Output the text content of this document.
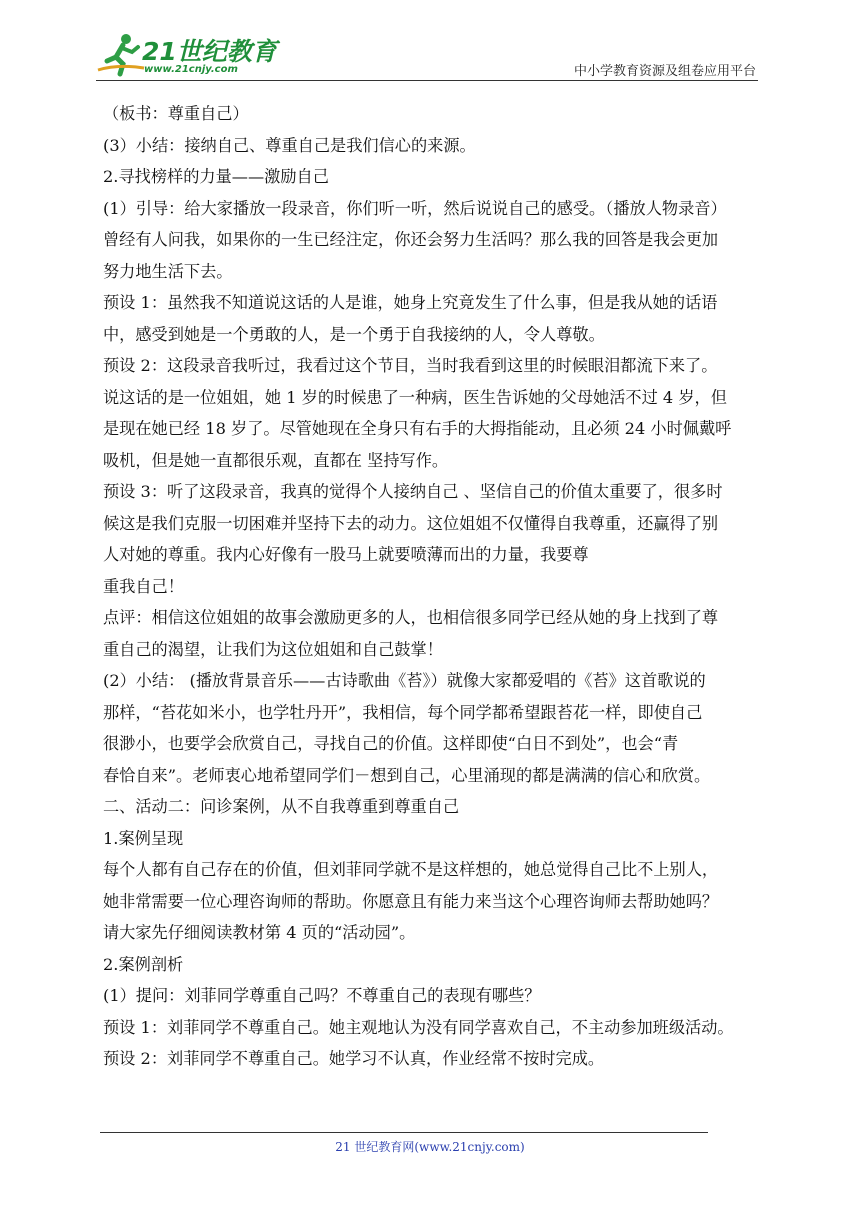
21世纪教育
www.21cnjy.com	中小学教育资源及组卷应用平台

（板书：尊重自己）

(3）小结：接纳自己、尊重自己是我们信心的来源。

2.寻找榜样的力量——激励自己

(1）引导：给大家播放一段录音，你们听一听，然后说说自己的感受。（播放人物录音）

曾经有人问我，如果你的一生已经注定，你还会努力生活吗？那么我的回答是我会更加

努力地生活下去。

预设 1：虽然我不知道说这话的人是谁，她身上究竟发生了什么事，但是我从她的话语

中，感受到她是一个勇敢的人，是一个勇于自我接纳的人，令人尊敬。

预设 2：这段录音我听过，我看过这个节目，当时我看到这里的时候眼泪都流下来了。

说这话的是一位姐姐，她 1 岁的时候患了一种病，医生告诉她的父母她活不过 4 岁，但

是现在她已经 18 岁了。尽管她现在全身只有右手的大拇指能动，且必须 24 小时佩戴呼

吸机，但是她一直都很乐观，直都在 坚持写作。

预设 3：听了这段录音，我真的觉得个人接纳自己 、坚信自己的价值太重要了，很多时

候这是我们克服一切困难并坚持下去的动力。这位姐姐不仅懂得自我尊重，还赢得了别

人对她的尊重。我内心好像有一股马上就要喷薄而出的力量，我要尊

重我自己！

点评：相信这位姐姐的故事会激励更多的人，也相信很多同学已经从她的身上找到了尊

重自己的渴望，让我们为这位姐姐和自己鼓掌！

(2）小结： (播放背景音乐——古诗歌曲《苔》）就像大家都爱唱的《苔》这首歌说的

那样，“苔花如米小，也学牡丹开”，我相信，每个同学都希望跟苔花一样，即使自己

很渺小，也要学会欣赏自己，寻找自己的价值。这样即使“白日不到处”，也会“青

春恰自来”。老师衷心地希望同学们－想到自己，心里涌现的都是满满的信心和欣赏。

二、活动二：问诊案例，从不自我尊重到尊重自己

1.案例呈现

每个人都有自己存在的价值，但刘菲同学就不是这样想的，她总觉得自己比不上别人，

她非常需要一位心理咨询师的帮助。你愿意且有能力来当这个心理咨询师去帮助她吗？

请大家先仔细阅读教材第 4 页的“活动园”。

2.案例剖析

(1）提问：刘菲同学尊重自己吗？不尊重自己的表现有哪些？

预设 1：刘菲同学不尊重自己。她主观地认为没有同学喜欢自己，不主动参加班级活动。

预设 2：刘菲同学不尊重自己。她学习不认真，作业经常不按时完成。

21 世纪教育网(www.21cnjy.com)
